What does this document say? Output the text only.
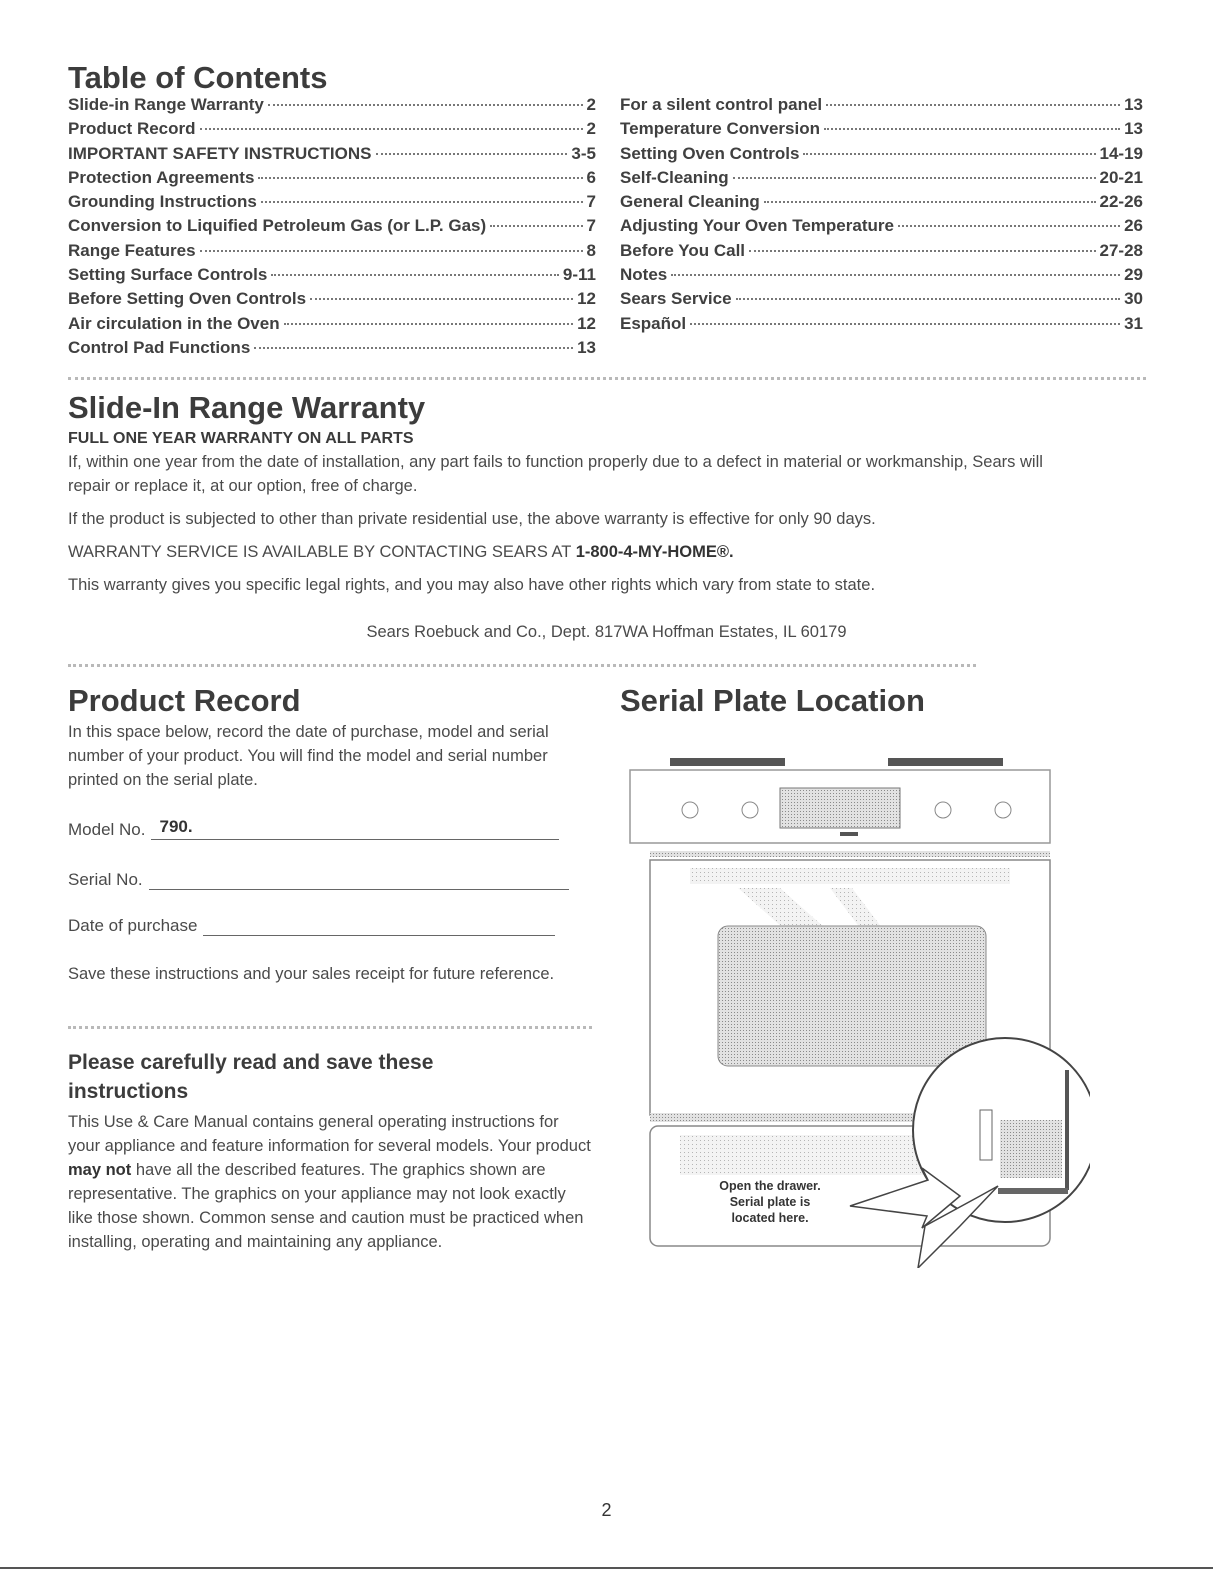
Table of Contents
Slide-in Range Warranty	2
Product Record	2
IMPORTANT SAFETY INSTRUCTIONS	3-5
Protection Agreements	6
Grounding Instructions	7
Conversion to Liquified Petroleum Gas (or L.P. Gas)	7
Range Features	8
Setting Surface Controls	9-11
Before Setting Oven Controls	12
Air circulation in the Oven	12
Control Pad Functions	13
For a silent control panel	13
Temperature Conversion	13
Setting Oven Controls	14-19
Self-Cleaning	20-21
General Cleaning	22-26
Adjusting Your Oven Temperature	26
Before You Call	27-28
Notes	29
Sears Service	30
Español	31
Slide-In Range Warranty
FULL ONE YEAR WARRANTY ON ALL PARTS

If, within one year from the date of installation, any part fails to function properly due to a defect in material or workmanship, Sears will repair or replace it, at our option, free of charge.

If the product is subjected to other than private residential use, the above warranty is effective for only 90 days.

WARRANTY SERVICE IS AVAILABLE BY CONTACTING SEARS AT 1-800-4-MY-HOME®.

This warranty gives you specific legal rights, and you may also have other rights which vary from state to state.

Sears Roebuck and Co., Dept. 817WA Hoffman Estates, IL 60179
Product Record
In this space below, record the date of purchase, model and serial number of your product. You will find the model and serial number printed on the serial plate.
Model No. 790.
Serial No.
Date of purchase
Save these instructions and your sales receipt for future reference.
Please carefully read and save these instructions
This Use & Care Manual contains general operating instructions for your appliance and feature information for several models. Your product may not have all the described features. The graphics shown are representative. The graphics on your appliance may not look exactly like those shown. Common sense and caution must be practiced when installing, operating and maintaining any appliance.
Serial Plate Location
Open the drawer.
Serial plate is
located here.
2
